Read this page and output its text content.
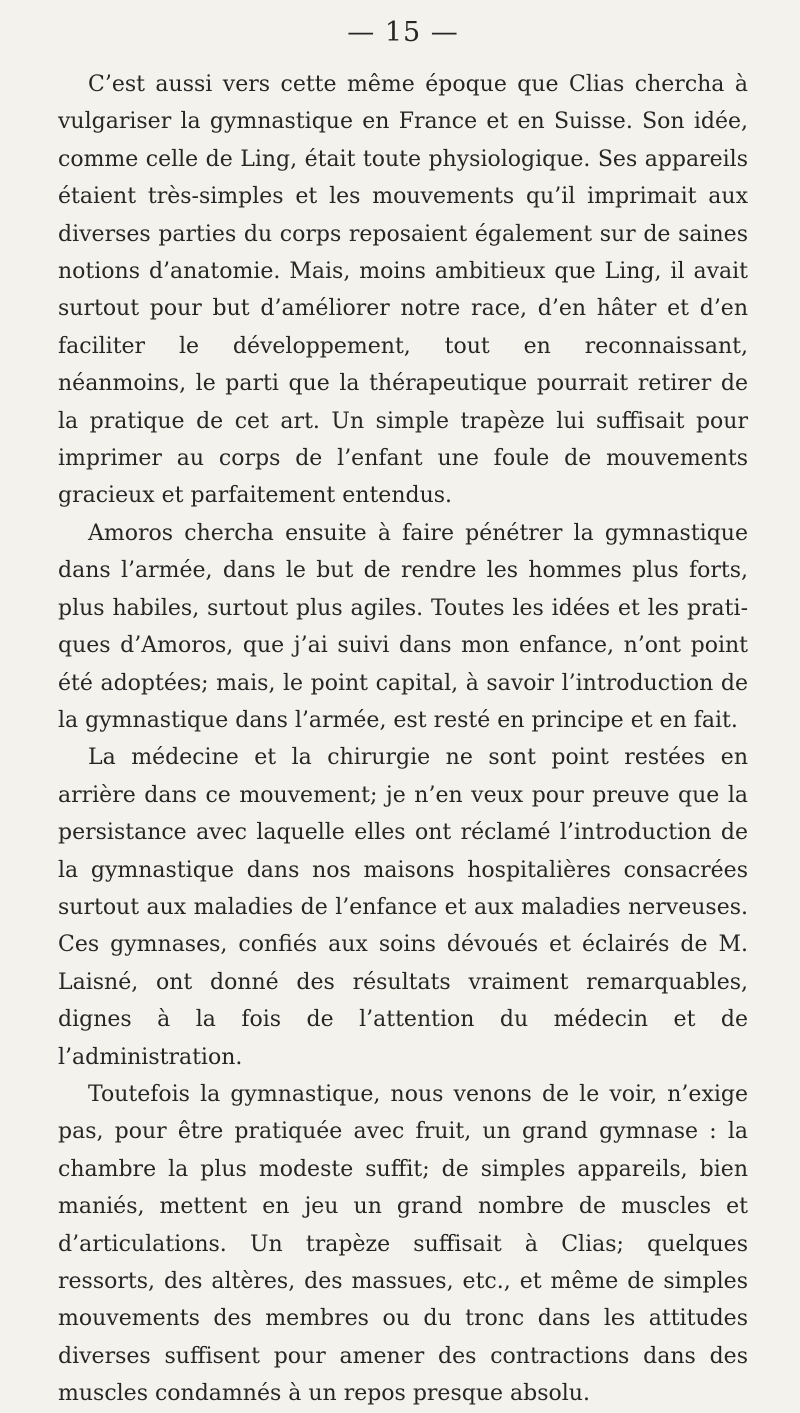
— 15 —

C’est aussi vers cette même époque que Clias chercha à vulgariser la gymnastique en France et en Suisse. Son idée, comme celle de Ling, était toute physiologique. Ses appareils étaient très-simples et les mouvements qu’il imprimait aux diverses parties du corps reposaient également sur de saines notions d’anatomie. Mais, moins ambitieux que Ling, il avait surtout pour but d’améliorer notre race, d’en hâter et d’en faciliter le développement, tout en reconnaissant, néanmoins, le parti que la thérapeutique pourrait retirer de la pratique de cet art. Un simple trapèze lui suffisait pour imprimer au corps de l’enfant une foule de mouvements gracieux et parfaitement entendus.

Amoros chercha ensuite à faire pénétrer la gymnastique dans l’armée, dans le but de rendre les hommes plus forts, plus habiles, surtout plus agiles. Toutes les idées et les pratiques d’Amoros, que j’ai suivi dans mon enfance, n’ont point été adoptées; mais, le point capital, à savoir l’introduction de la gymnastique dans l’armée, est resté en principe et en fait.

La médecine et la chirurgie ne sont point restées en arrière dans ce mouvement; je n’en veux pour preuve que la persistance avec laquelle elles ont réclamé l’introduction de la gymnastique dans nos maisons hospitalières consacrées surtout aux maladies de l’enfance et aux maladies nerveuses. Ces gymnases, confiés aux soins dévoués et éclairés de M. Laisné, ont donné des résultats vraiment remarquables, dignes à la fois de l’attention du médecin et de l’administration.

Toutefois la gymnastique, nous venons de le voir, n’exige pas, pour être pratiquée avec fruit, un grand gymnase : la chambre la plus modeste suffit; de simples appareils, bien maniés, mettent en jeu un grand nombre de muscles et d’articulations. Un trapèze suffisait à Clias; quelques ressorts, des altères, des massues, etc., et même de simples mouvements des membres ou du tronc dans les attitudes diverses suffisent pour amener des contractions dans des muscles condamnés à un repos presque absolu.
